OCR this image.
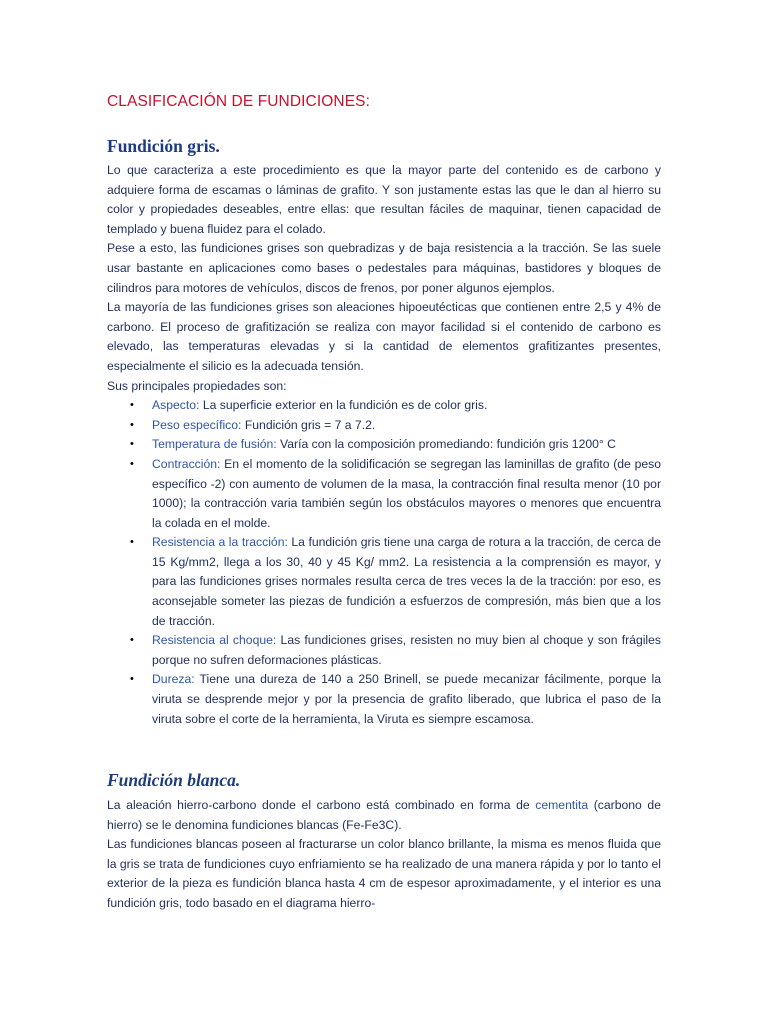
CLASIFICACIÓN DE FUNDICIONES:
Fundición gris.

Lo que caracteriza a este procedimiento es que la mayor parte del contenido es de carbono y adquiere forma de escamas o láminas de grafito. Y son justamente estas las que le dan al hierro su color y propiedades deseables, entre ellas: que resultan fáciles de maquinar, tienen capacidad de templado y buena fluidez para el colado.

Pese a esto, las fundiciones grises son quebradizas y de baja resistencia a la tracción. Se las suele usar bastante en aplicaciones como bases o pedestales para máquinas, bastidores y bloques de cilindros para motores de vehículos, discos de frenos, por poner algunos ejemplos.

La mayoría de las fundiciones grises son aleaciones hipoeutécticas que contienen entre 2,5 y 4% de carbono. El proceso de grafitización se realiza con mayor facilidad si el contenido de carbono es elevado, las temperaturas elevadas y si la cantidad de elementos grafitizantes presentes, especialmente el silicio es la adecuada tensión.

Sus principales propiedades son:

• Aspecto: La superficie exterior en la fundición es de color gris.
• Peso específico: Fundición gris = 7 a 7.2.
• Temperatura de fusión: Varía con la composición promediando: fundición gris 1200° C
• Contracción: En el momento de la solidificación se segregan las laminillas de grafito (de peso específico -2) con aumento de volumen de la masa, la contracción final resulta menor (10 por 1000); la contracción varia también según los obstáculos mayores o menores que encuentra la colada en el molde.
• Resistencia a la tracción: La fundición gris tiene una carga de rotura a la tracción, de cerca de 15 Kg/mm2, llega a los 30, 40 y 45 Kg/ mm2. La resistencia a la comprensión es mayor, y para las fundiciones grises normales resulta cerca de tres veces la de la tracción: por eso, es aconsejable someter las piezas de fundición a esfuerzos de compresión, más bien que a los de tracción.
• Resistencia al choque: Las fundiciones grises, resisten no muy bien al choque y son frágiles porque no sufren deformaciones plásticas.
• Dureza: Tiene una dureza de 140 a 250 Brinell, se puede mecanizar fácilmente, porque la viruta se desprende mejor y por la presencia de grafito liberado, que lubrica el paso de la viruta sobre el corte de la herramienta, la Viruta es siempre escamosa.
Fundición blanca.

La aleación hierro-carbono donde el carbono está combinado en forma de cementita (carbono de hierro) se le denomina fundiciones blancas (Fe-Fe3C).

Las fundiciones blancas poseen al fracturarse un color blanco brillante, la misma es menos fluida que la gris se trata de fundiciones cuyo enfriamiento se ha realizado de una manera rápida y por lo tanto el exterior de la pieza es fundición blanca hasta 4 cm de espesor aproximadamente, y el interior es una fundición gris, todo basado en el diagrama hierro-
